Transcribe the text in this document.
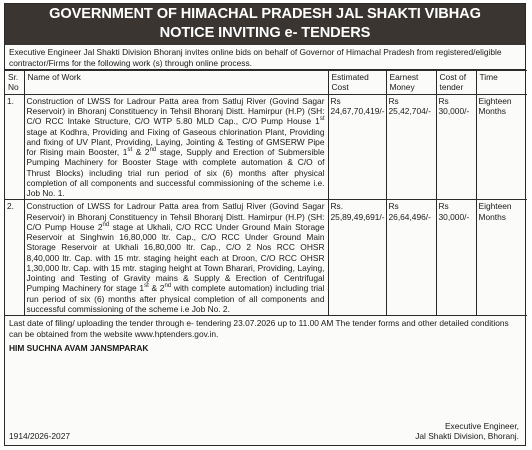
GOVERNMENT OF HIMACHAL PRADESH JAL SHAKTI VIBHAG
NOTICE INVITING e- TENDERS
Executive Engineer Jal Shakti Division Bhoranj invites online bids on behalf of Governor of Himachal Pradesh from registered/eligible contractor/Firms for the following work (s) through online process.
Sr. No	Name of Work	Estimated Cost	Earnest Money	Cost of tender	Time
1.	Construction of LWSS for Ladrour Patta area from Satluj River (Govind Sagar Reservoir) in Bhoranj Constituency in Tehsil Bhoranj Distt. Hamirpur (H.P) (SH: C/O RCC Intake Structure, C/O WTP 5.80 MLD Cap., C/O Pump House 1st stage at Kodhra, Providing and Fixing of Gaseous chlorination Plant, Providing and fixing of UV Plant, Providing, Laying, Jointing & Testing of GMSERW Pipe for Rising main Booster, 1st & 2nd stage, Supply and Erection of Submersible Pumping Machinery for Booster Stage with complete automation & C/O of Thrust Blocks) including trial run period of six (6) months after physical completion of all components and successful commissioning of the scheme i.e. Job No. 1.	Rs 24,67,70,419/-	Rs 25,42,704/-	Rs 30,000/-	Eighteen Months
2.	Construction of LWSS for Ladrour Patta area from Satluj River (Govind Sagar Reservoir) in Bhoranj Constituency in Tehsil Bhoranj Distt. Hamirpur (H.P) (SH: C/O Pump House 2nd stage at Ukhali, C/O RCC Under Ground Main Storage Reservoir at Singhwin 16,80,000 ltr. Cap., C/O RCC Under Ground Main Storage Reservoir at Ukhali 16,80,000 ltr. Cap., C/O 2 Nos RCC OHSR 8,40,000 ltr. Cap. with 15 mtr. staging height each at Droon, C/O RCC OHSR 1,30,000 ltr. Cap. with 15 mtr. staging height at Town Bharari, Providing, Laying, Jointing and Testing of Gravity mains & Supply & Erection of Centrifugal Pumping Machinery for stage 1st & 2nd with complete automation) including trial run period of six (6) months after physical completion of all components and successful commissioning of the scheme i.e Job No. 2.	Rs. 25,89,49,691/-	Rs 26,64,496/-	Rs 30,000/-	Eighteen Months
Last date of filing/ uploading the tender through e- tendering 23.07.2026 up to 11.00 AM The tender forms and other detailed conditions can be obtained from the website www.hptenders.gov.in.
HIM SUCHNA AVAM JANSMPARAK
1914/2026-2027
Executive Engineer,
Jal Shakti Division, Bhoranj.
